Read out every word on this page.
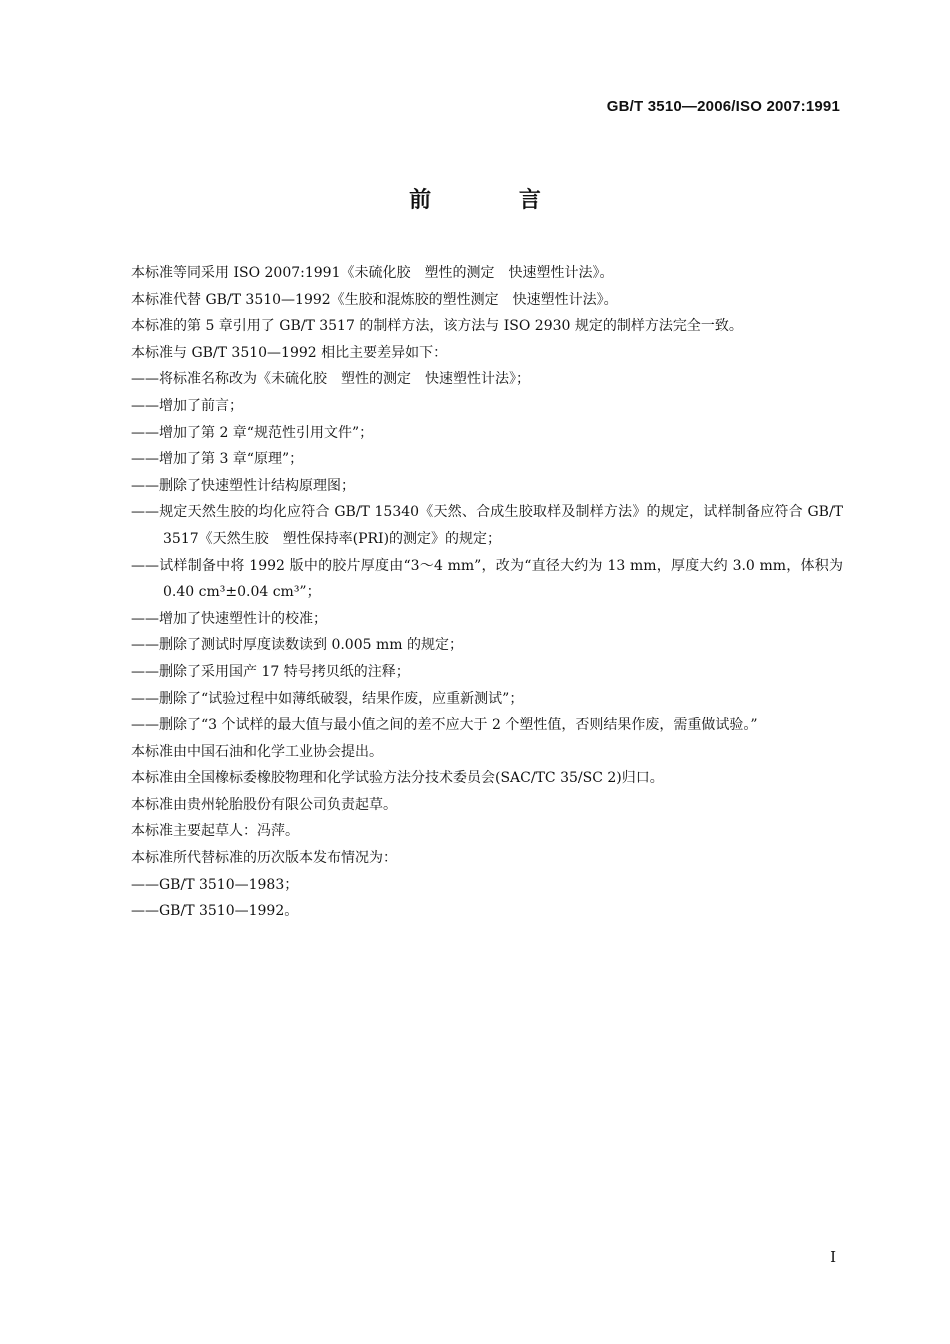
GB/T 3510—2006/ISO 2007:1991
前 言

本标准等同采用 ISO 2007:1991《未硫化胶　塑性的测定　快速塑性计法》。

本标准代替 GB/T 3510—1992《生胶和混炼胶的塑性测定　快速塑性计法》。

本标准的第 5 章引用了 GB/T 3517 的制样方法，该方法与 ISO 2930 规定的制样方法完全一致。

本标准与 GB/T 3510—1992 相比主要差异如下：

——将标准名称改为《未硫化胶　塑性的测定　快速塑性计法》；

——增加了前言；

——增加了第 2 章“规范性引用文件”；

——增加了第 3 章“原理”；

——删除了快速塑性计结构原理图；

——规定天然生胶的均化应符合 GB/T 15340《天然、合成生胶取样及制样方法》的规定，试样制备应符合 GB/T 3517《天然生胶　塑性保持率(PRI)的测定》的规定；

——试样制备中将 1992 版中的胶片厚度由“3～4 mm”，改为“直径大约为 13 mm，厚度大约 3.0 mm，体积为 0.40 cm³±0.04 cm³”；

——增加了快速塑性计的校准；

——删除了测试时厚度读数读到 0.005 mm 的规定；

——删除了采用国产 17 特号拷贝纸的注释；

——删除了“试验过程中如薄纸破裂，结果作废，应重新测试”；

——删除了“3 个试样的最大值与最小值之间的差不应大于 2 个塑性值，否则结果作废，需重做试验。”

本标准由中国石油和化学工业协会提出。

本标准由全国橡标委橡胶物理和化学试验方法分技术委员会(SAC/TC 35/SC 2)归口。

本标准由贵州轮胎股份有限公司负责起草。

本标准主要起草人：冯萍。

本标准所代替标准的历次版本发布情况为：

——GB/T 3510—1983；

——GB/T 3510—1992。

I
